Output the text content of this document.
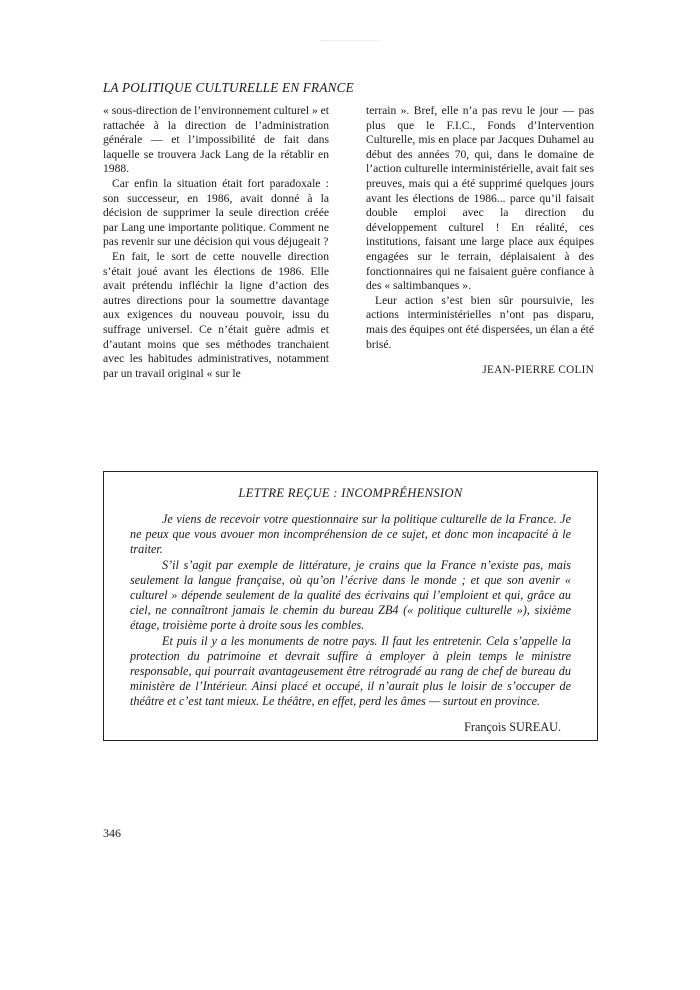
LA POLITIQUE CULTURELLE EN FRANCE

« sous-direction de l’environnement culturel » et rattachée à la direction de l’administration générale — et l’impossibilité de fait dans laquelle se trouvera Jack Lang de la rétablir en 1988.

Car enfin la situation était fort paradoxale : son successeur, en 1986, avait donné à la décision de supprimer la seule direction créée par Lang une importante politique. Comment ne pas revenir sur une décision qui vous déjugeait ?

En fait, le sort de cette nouvelle direction s’était joué avant les élections de 1986. Elle avait prétendu infléchir la ligne d’action des autres directions pour la soumettre davantage aux exigences du nouveau pouvoir, issu du suffrage universel. Ce n’était guère admis et d’autant moins que ses méthodes tranchaient avec les habitudes administratives, notamment par un travail original « sur le

terrain ». Bref, elle n’a pas revu le jour — pas plus que le F.I.C., Fonds d’Intervention Culturelle, mis en place par Jacques Duhamel au début des années 70, qui, dans le domaine de l’action culturelle interministérielle, avait fait ses preuves, mais qui a été supprimé quelques jours avant les élections de 1986... parce qu’il faisait double emploi avec la direction du développement culturel ! En réalité, ces institutions, faisant une large place aux équipes engagées sur le terrain, déplaisaient à des fonctionnaires qui ne faisaient guère confiance à des « saltimbanques ».

Leur action s’est bien sûr poursuivie, les actions interministérielles n’ont pas disparu, mais des équipes ont été dispersées, un élan a été brisé.

JEAN-PIERRE COLIN

LETTRE REÇUE : INCOMPRÉHENSION

Je viens de recevoir votre questionnaire sur la politique culturelle de la France. Je ne peux que vous avouer mon incompréhension de ce sujet, et donc mon incapacité à le traiter.

S’il s’agit par exemple de littérature, je crains que la France n’existe pas, mais seulement la langue française, où qu’on l’écrive dans le monde ; et que son avenir « culturel » dépende seulement de la qualité des écrivains qui l’emploient et qui, grâce au ciel, ne connaîtront jamais le chemin du bureau ZB4 (« politique culturelle »), sixième étage, troisième porte à droite sous les combles.

Et puis il y a les monuments de notre pays. Il faut les entretenir. Cela s’appelle la protection du patrimoine et devrait suffire à employer à plein temps le ministre responsable, qui pourrait avantageusement être rétrogradé au rang de chef de bureau du ministère de l’Intérieur. Ainsi placé et occupé, il n’aurait plus le loisir de s’occuper de théâtre et c’est tant mieux. Le théâtre, en effet, perd les âmes — surtout en province.

François SUREAU.
346
